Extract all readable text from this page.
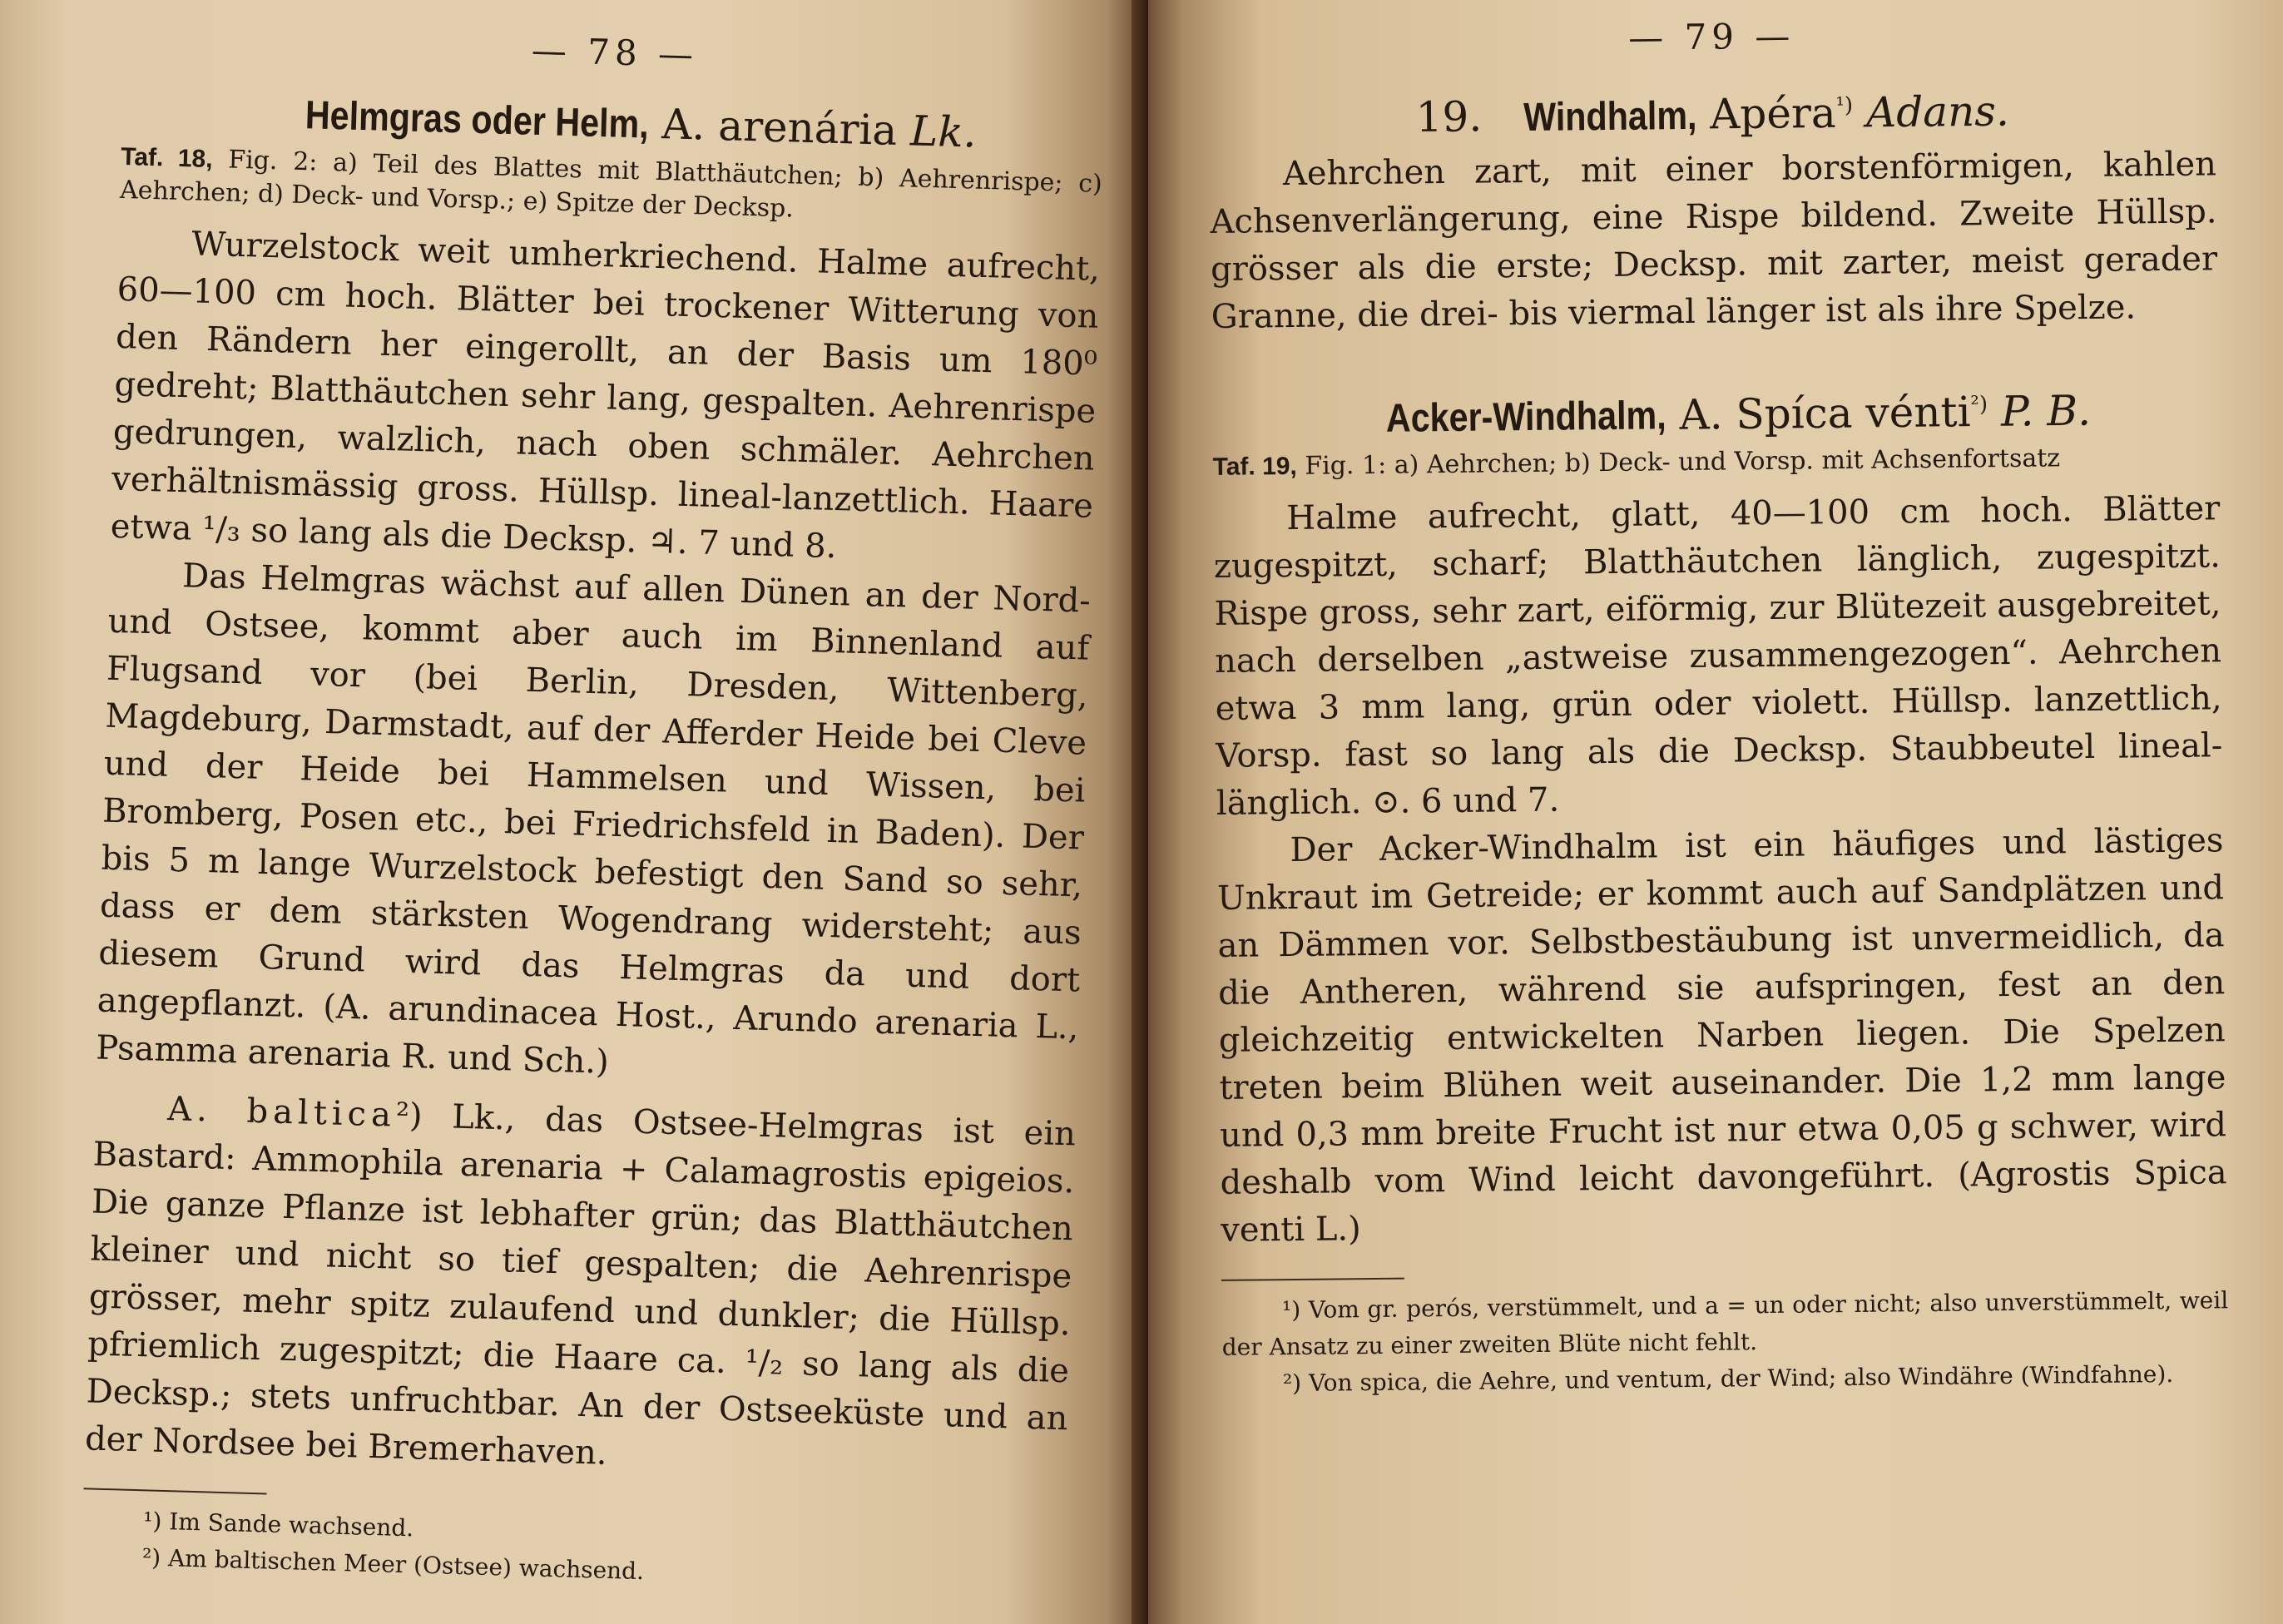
— 78 —
Helmgras oder Helm, A. arenária Lk.
Taf. 18, Fig. 2: a) Teil des Blattes mit Blatthäutchen; b) Aehrenrispe; c) Aehrchen; d) Deck- und Vorsp.; e) Spitze der Decksp.

Wurzelstock weit umherkriechend. Halme aufrecht, 60—100 cm hoch. Blätter bei trockener Witterung von den Rändern her eingerollt, an der Basis um 180⁰ gedreht; Blatthäutchen sehr lang, gespalten. Aehrenrispe gedrungen, walzlich, nach oben schmäler. Aehrchen verhältnismässig gross. Hüllsp. lineal-lanzettlich. Haare etwa ¹/₃ so lang als die Decksp. ♃. 7 und 8.

Das Helmgras wächst auf allen Dünen an der Nord- und Ostsee, kommt aber auch im Binnenland auf Flugsand vor (bei Berlin, Dresden, Wittenberg, Magdeburg, Darmstadt, auf der Afferder Heide bei Cleve und der Heide bei Hammelsen und Wissen, bei Bromberg, Posen etc., bei Friedrichsfeld in Baden). Der bis 5 m lange Wurzelstock befestigt den Sand so sehr, dass er dem stärksten Wogendrang widersteht; aus diesem Grund wird das Helmgras da und dort angepflanzt. (A. arundinacea Host., Arundo arenaria L., Psamma arenaria R. und Sch.)

A. baltica²) Lk., das Ostsee-Helmgras ist ein Bastard: Ammophila arenaria + Calamagrostis epigeios. Die ganze Pflanze ist lebhafter grün; das Blatthäutchen kleiner und nicht so tief gespalten; die Aehrenrispe grösser, mehr spitz zulaufend und dunkler; die Hüllsp. pfriemlich zugespitzt; die Haare ca. ¹/₂ so lang als die Decksp.; stets unfruchtbar. An der Ostseeküste und an der Nordsee bei Bremerhaven.

¹) Im Sande wachsend.
²) Am baltischen Meer (Ostsee) wachsend.
— 79 —
19. Windhalm, Apéra$^{^1)}$ Adans.

Aehrchen zart, mit einer borstenförmigen, kahlen Achsenverlängerung, eine Rispe bildend. Zweite Hüllsp. grösser als die erste; Decksp. mit zarter, meist gerader Granne, die drei- bis viermal länger ist als ihre Spelze.

Acker-Windhalm, A. Spíca vénti$^{^2)}$ P. B.
Taf. 19, Fig. 1: a) Aehrchen; b) Deck- und Vorsp. mit Achsenfortsatz

Halme aufrecht, glatt, 40—100 cm hoch. Blätter zugespitzt, scharf; Blatthäutchen länglich, zugespitzt. Rispe gross, sehr zart, eiförmig, zur Blütezeit ausgebreitet, nach derselben „astweise zusammengezogen“. Aehrchen etwa 3 mm lang, grün oder violett. Hüllsp. lanzettlich, Vorsp. fast so lang als die Decksp. Staubbeutel lineal-länglich. ⊙. 6 und 7.

Der Acker-Windhalm ist ein häufiges und lästiges Unkraut im Getreide; er kommt auch auf Sandplätzen und an Dämmen vor. Selbstbestäubung ist unvermeidlich, da die Antheren, während sie aufspringen, fest an den gleichzeitig entwickelten Narben liegen. Die Spelzen treten beim Blühen weit auseinander. Die 1,2 mm lange und 0,3 mm breite Frucht ist nur etwa 0,05 g schwer, wird deshalb vom Wind leicht davongeführt. (Agrostis Spica venti L.)

¹) Vom gr. perós, verstümmelt, und a = un oder nicht; also unverstümmelt, weil der Ansatz zu einer zweiten Blüte nicht fehlt.
²) Von spica, die Aehre, und ventum, der Wind; also Windähre (Windfahne).
